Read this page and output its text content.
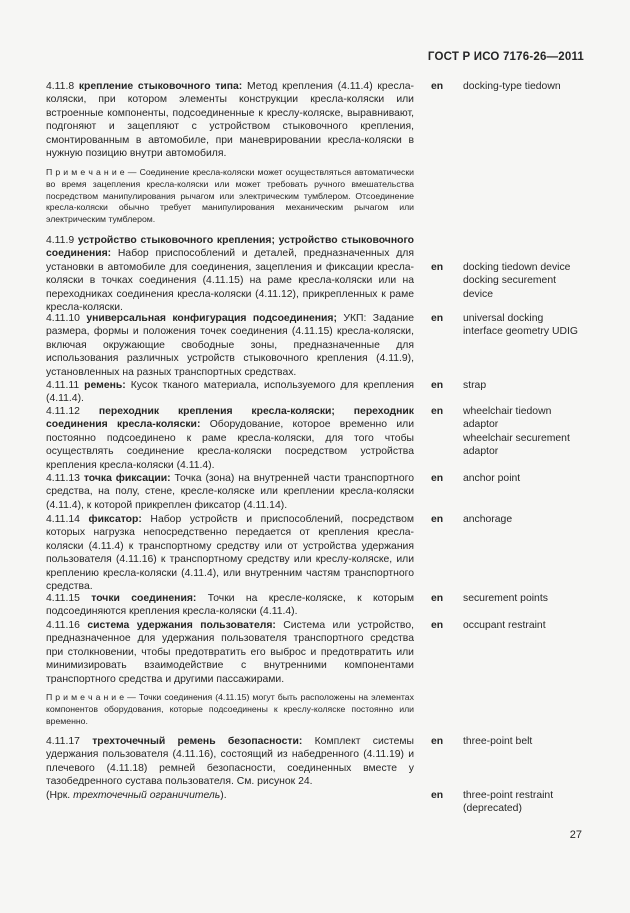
ГОСТ Р ИСО 7176-26—2011
4.11.8 крепление стыковочного типа: Метод крепления (4.11.4) кресла-коляски, при котором элементы конструкции кресла-коляски или встроенные компоненты, подсоединенные к креслу-коляске, выравнивают, подгоняют и зацепляют с устройством стыковочного крепления, смонтированным в автомобиле, при маневрировании кресла-коляски в нужную позицию внутри автомобиля.
en docking-type tiedown
П р и м е ч а н и е — Соединение кресла-коляски может осуществляться автоматически во время зацепления кресла-коляски или может требовать ручного вмешательства посредством манипулирования рычагом или электрическим тумблером. Отсоединение кресла-коляски обычно требует манипулирования механическим рычагом или электрическим тумблером.
4.11.9 устройство стыковочного крепления; устройство стыковочного соединения: Набор приспособлений и деталей, предназначенных для установки в автомобиле для соединения, зацепления и фиксации кресла-коляски в точках соединения (4.11.15) на раме кресла-коляски или на переходниках соединения кресла-коляски (4.11.12), прикрепленных к раме кресла-коляски.
en docking tiedown device docking securement device
4.11.10 универсальная конфигурация подсоединения; УКП: Задание размера, формы и положения точек соединения (4.11.15) кресла-коляски, включая окружающие свободные зоны, предназначенные для использования различных устройств стыковочного крепления (4.11.9), установленных на разных транспортных средствах.
en universal docking interface geometry UDIG
4.11.11 ремень: Кусок тканого материала, используемого для крепления (4.11.4).
en strap
4.11.12 переходник крепления кресла-коляски; переходник соединения кресла-коляски: Оборудование, которое временно или постоянно подсоединено к раме кресла-коляски, для того чтобы осуществлять соединение кресла-коляски посредством устройства крепления кресла-коляски (4.11.4).
en wheelchair tiedown adaptor
wheelchair securement adaptor
4.11.13 точка фиксации: Точка (зона) на внутренней части транспортного средства, на полу, стене, кресле-коляске или креплении кресла-коляски (4.11.4), к которой прикреплен фиксатор (4.11.14).
en anchor point
4.11.14 фиксатор: Набор устройств и приспособлений, посредством которых нагрузка непосредственно передается от крепления кресла-коляски (4.11.4) к транспортному средству или от устройства удержания пользователя (4.11.16) к транспортному средству или креслу-коляске, или креплению кресла-коляски (4.11.4), или внутренним частям транспортного средства.
en anchorage
4.11.15 точки соединения: Точки на кресле-коляске, к которым подсоединяются крепления кресла-коляски (4.11.4).
en securement points
4.11.16 система удержания пользователя: Система или устройство, предназначенное для удержания пользователя транспортного средства при столкновении, чтобы предотвратить его выброс и предотвратить или минимизировать взаимодействие с внутренними компонентами транспортного средства и другими пассажирами.
en occupant restraint
П р и м е ч а н и е — Точки соединения (4.11.15) могут быть расположены на элементах компонентов оборудования, которые подсоединены к креслу-коляске постоянно или временно.
4.11.17 трехточечный ремень безопасности: Комплект системы удержания пользователя (4.11.16), состоящий из набедренного (4.11.19) и плечевого (4.11.18) ремней безопасности, соединенных вместе у тазобедренного сустава пользователя. См. рисунок 24.
en three-point belt
(Нрк. трехточечный ограничитель).	en three-point restraint (deprecated)
27
